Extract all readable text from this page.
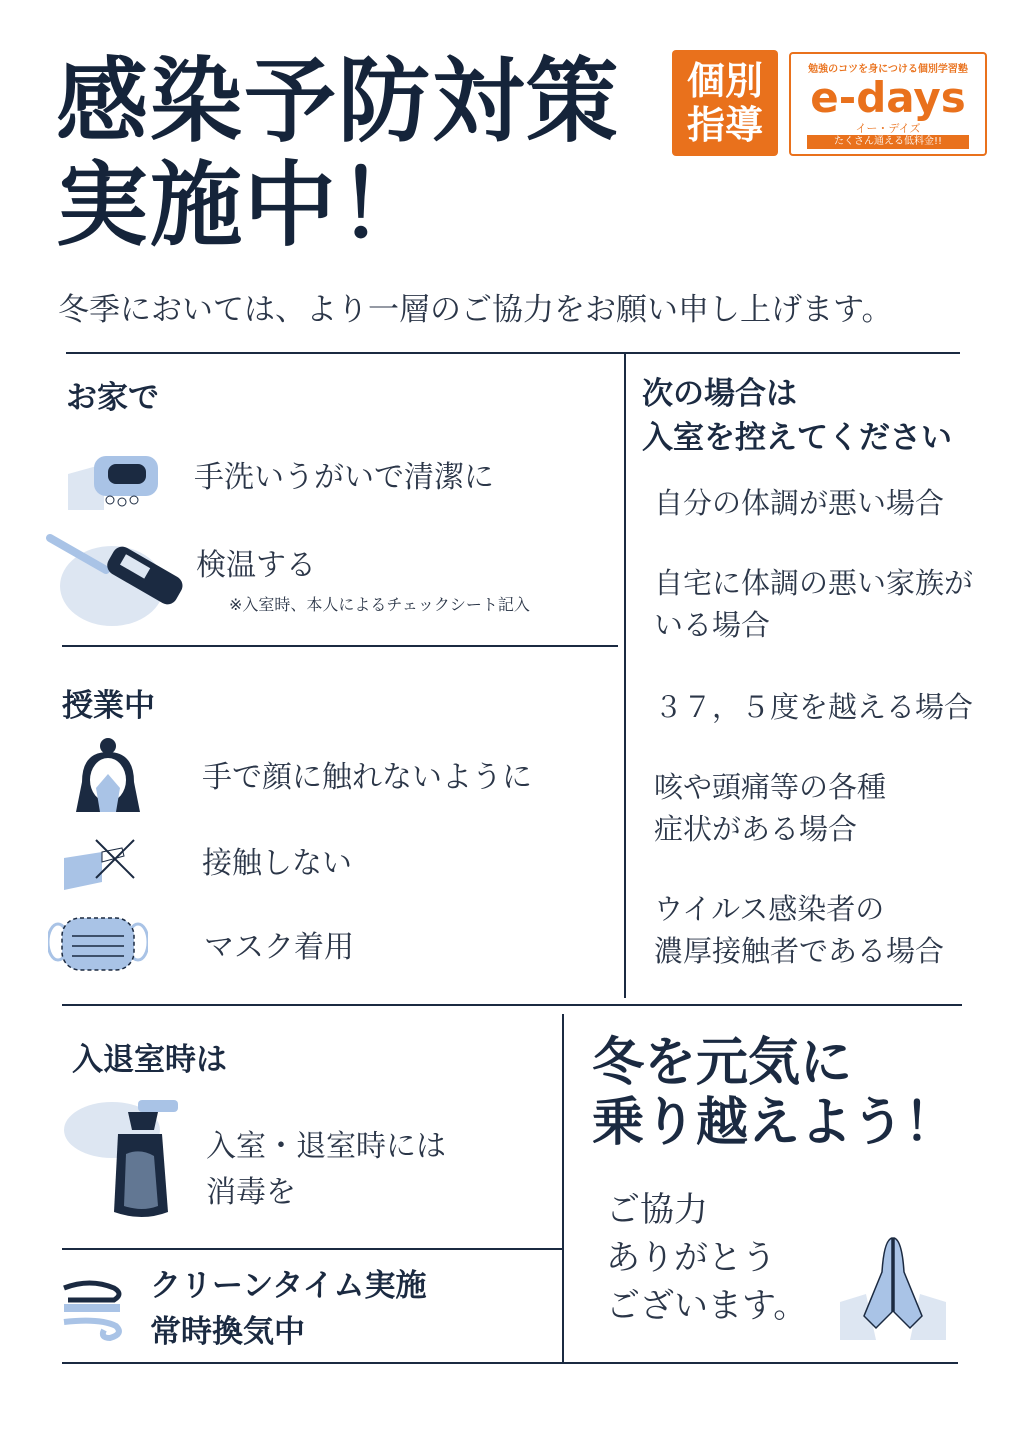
感染予防対策
実施中！
個別
指導
勉強のコツを身につける個別学習塾
e-days
イー・デイズ
たくさん通える低料金!!
冬季においては、より一層のご協力をお願い申し上げます。
お家で
手洗いうがいで清潔に
検温する
※入室時、本人によるチェックシート記入
授業中
手で顔に触れないように
接触しない
マスク着用
次の場合は
入室を控えてください
自分の体調が悪い場合
自宅に体調の悪い家族が
いる場合
３７，５度を越える場合
咳や頭痛等の各種
症状がある場合
ウイルス感染者の
濃厚接触者である場合
入退室時は
入室・退室時には
消毒を
クリーンタイム実施
常時換気中
冬を元気に
乗り越えよう！
ご協力
ありがとう
ございます。
